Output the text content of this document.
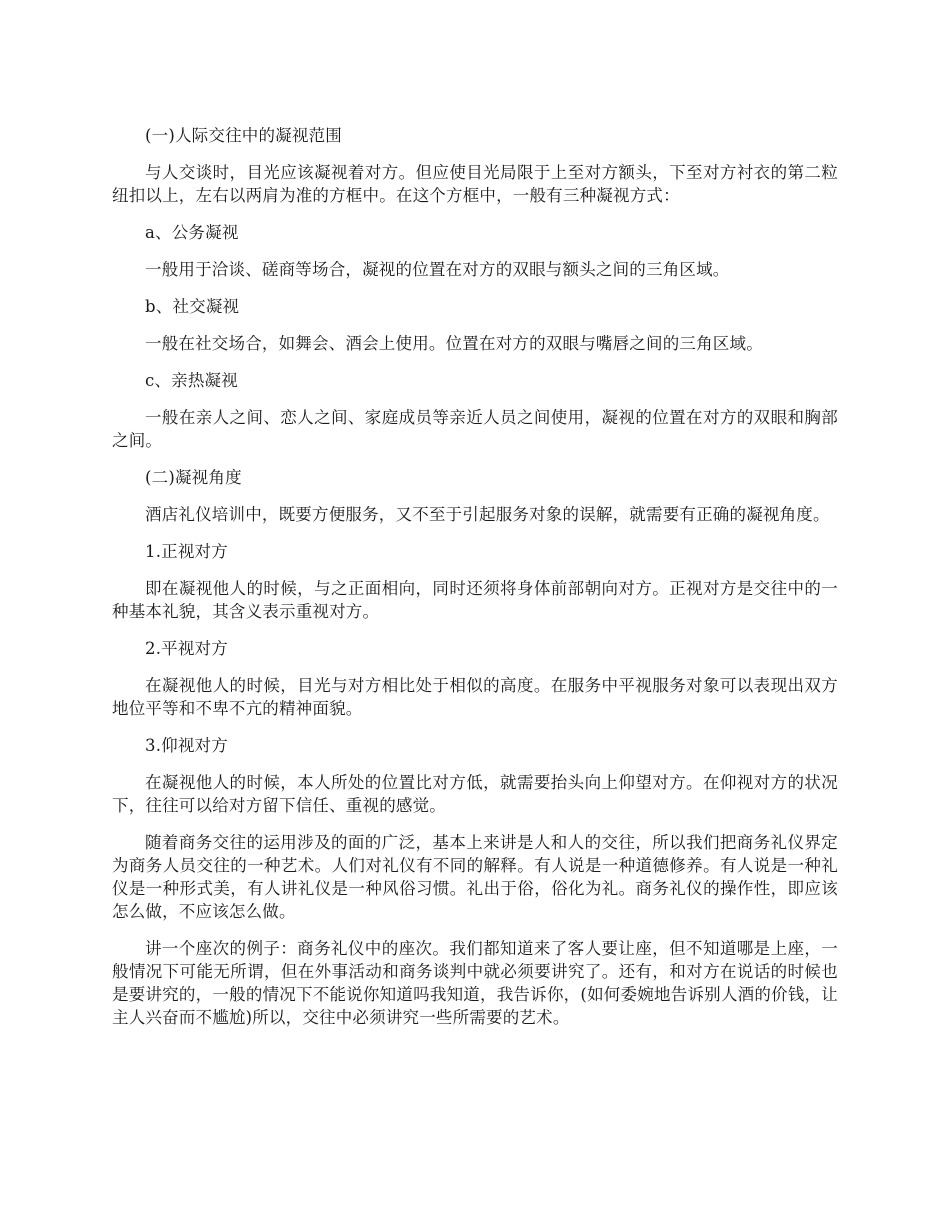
(一)人际交往中的凝视范围

与人交谈时，目光应该凝视着对方。但应使目光局限于上至对方额头，下至对方衬衣的第二粒纽扣以上，左右以两肩为准的方框中。在这个方框中，一般有三种凝视方式：

a、公务凝视

一般用于洽谈、磋商等场合，凝视的位置在对方的双眼与额头之间的三角区域。

b、社交凝视

一般在社交场合，如舞会、酒会上使用。位置在对方的双眼与嘴唇之间的三角区域。

c、亲热凝视

一般在亲人之间、恋人之间、家庭成员等亲近人员之间使用，凝视的位置在对方的双眼和胸部之间。

(二)凝视角度

酒店礼仪培训中，既要方便服务，又不至于引起服务对象的误解，就需要有正确的凝视角度。

1.正视对方

即在凝视他人的时候，与之正面相向，同时还须将身体前部朝向对方。正视对方是交往中的一种基本礼貌，其含义表示重视对方。

2.平视对方

在凝视他人的时候，目光与对方相比处于相似的高度。在服务中平视服务对象可以表现出双方地位平等和不卑不亢的精神面貌。

3.仰视对方

在凝视他人的时候，本人所处的位置比对方低，就需要抬头向上仰望对方。在仰视对方的状况下，往往可以给对方留下信任、重视的感觉。

随着商务交往的运用涉及的面的广泛，基本上来讲是人和人的交往，所以我们把商务礼仪界定为商务人员交往的一种艺术。人们对礼仪有不同的解释。有人说是一种道德修养。有人说是一种礼仪是一种形式美，有人讲礼仪是一种风俗习惯。礼出于俗，俗化为礼。商务礼仪的操作性，即应该怎么做，不应该怎么做。

讲一个座次的例子：商务礼仪中的座次。我们都知道来了客人要让座，但不知道哪是上座，一般情况下可能无所谓，但在外事活动和商务谈判中就必须要讲究了。还有，和对方在说话的时候也是要讲究的，一般的情况下不能说你知道吗我知道，我告诉你，(如何委婉地告诉别人酒的价钱，让主人兴奋而不尴尬)所以，交往中必须讲究一些所需要的艺术。
